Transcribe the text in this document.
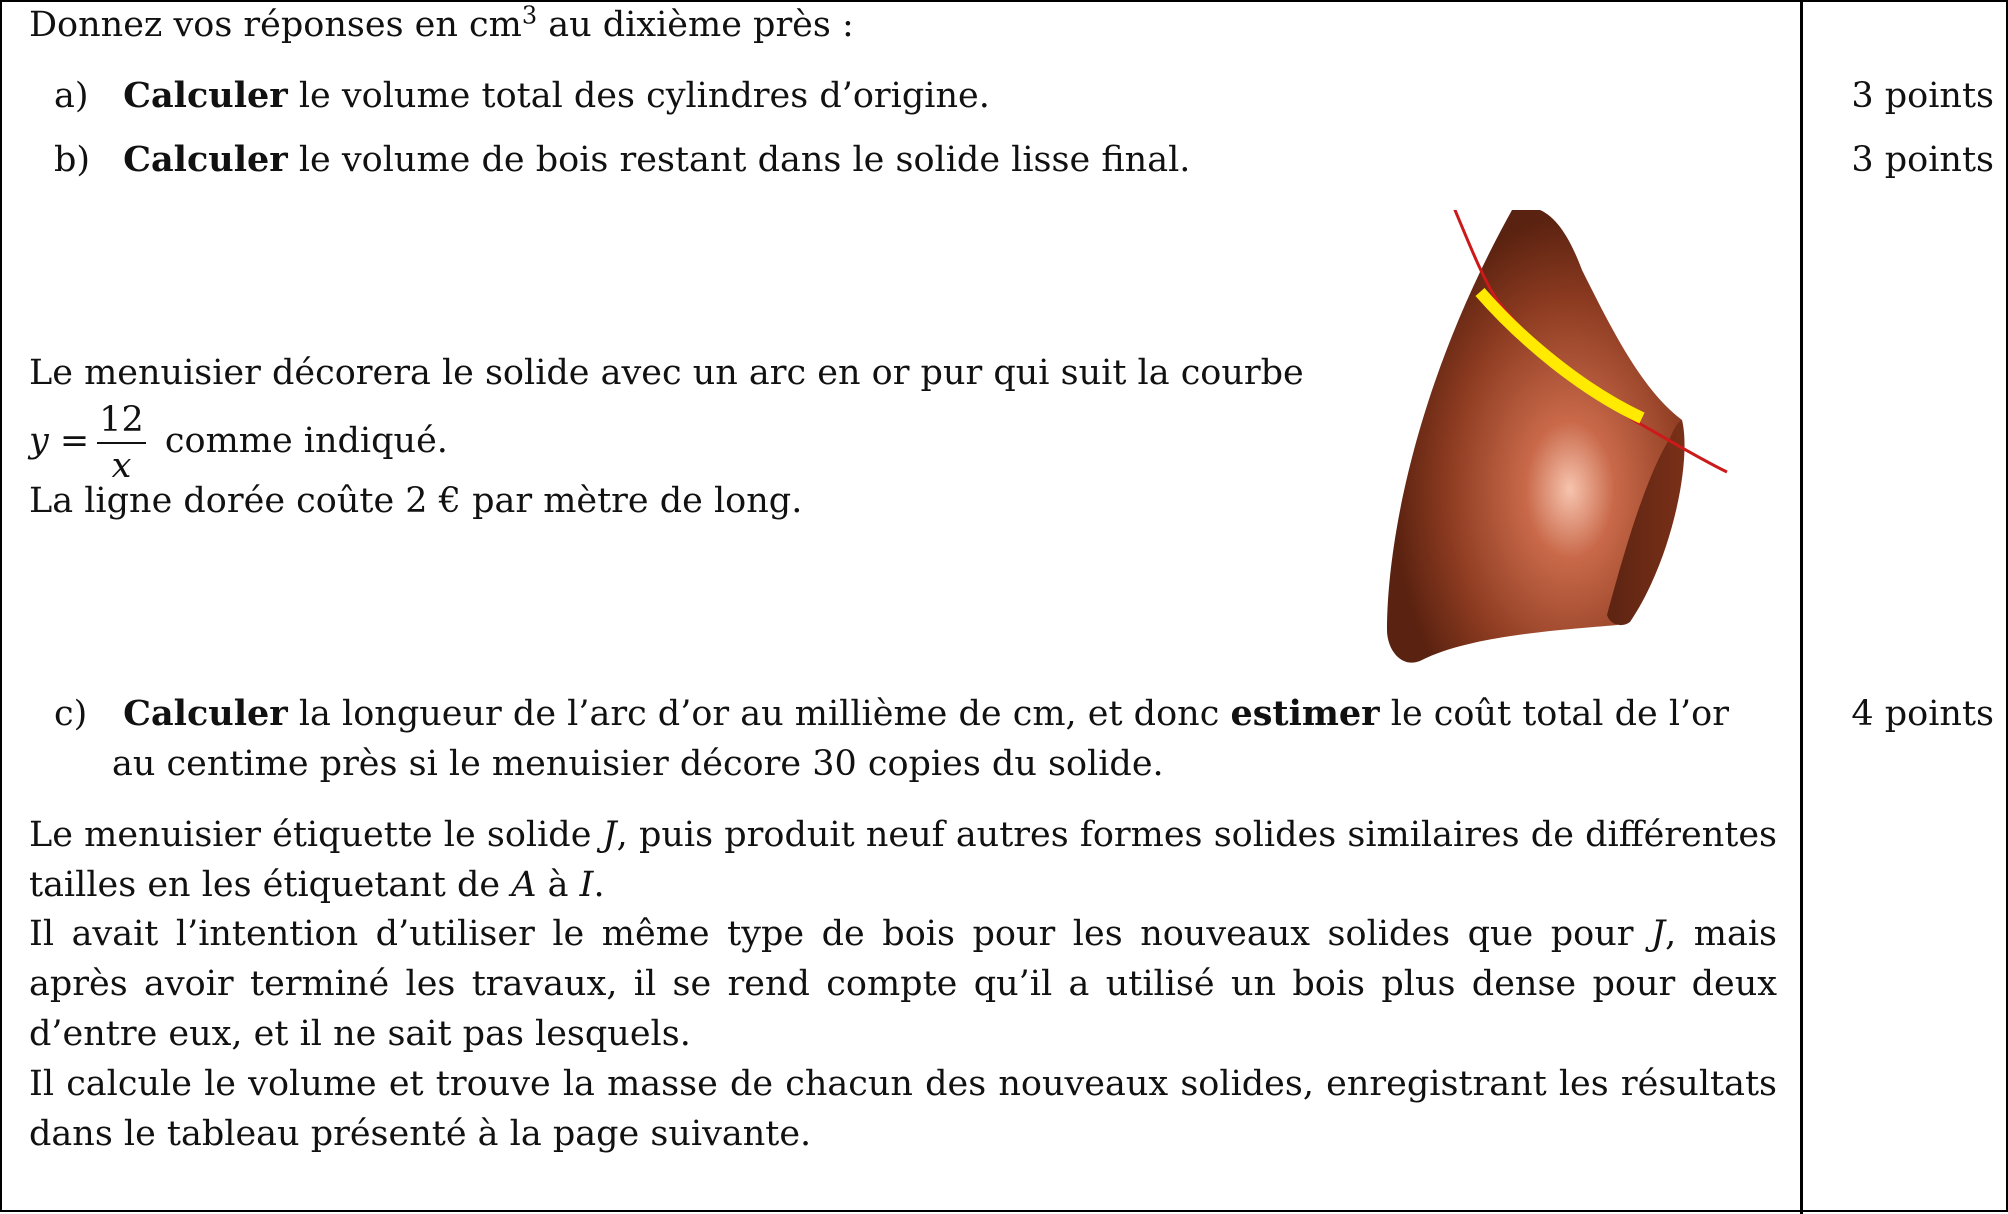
Donnez vos réponses en $cm^3$ au dixième près :
a) Calculer le volume total des cylindres d’origine.	3 points
b) Calculer le volume de bois restant dans le solide lisse final.	3 points
Le menuisier décorera le solide avec un arc en or pur qui suit la courbe
$y = \frac{12}{x}$ comme indiqué.
La ligne dorée coûte 2 € par mètre de long.
c) Calculer la longueur de l’arc d’or au millième de cm, et donc estimer le coût total de l’or
au centime près si le menuisier décore 30 copies du solide.
4 points
Le menuisier étiquette le solide J, puis produit neuf autres formes solides similaires de différentes tailles en les étiquetant de A à I.
Il avait l’intention d’utiliser le même type de bois pour les nouveaux solides que pour J, mais après avoir terminé les travaux, il se rend compte qu’il a utilisé un bois plus dense pour deux d’entre eux, et il ne sait pas lesquels.
Il calcule le volume et trouve la masse de chacun des nouveaux solides, enregistrant les résultats dans le tableau présenté à la page suivante.
